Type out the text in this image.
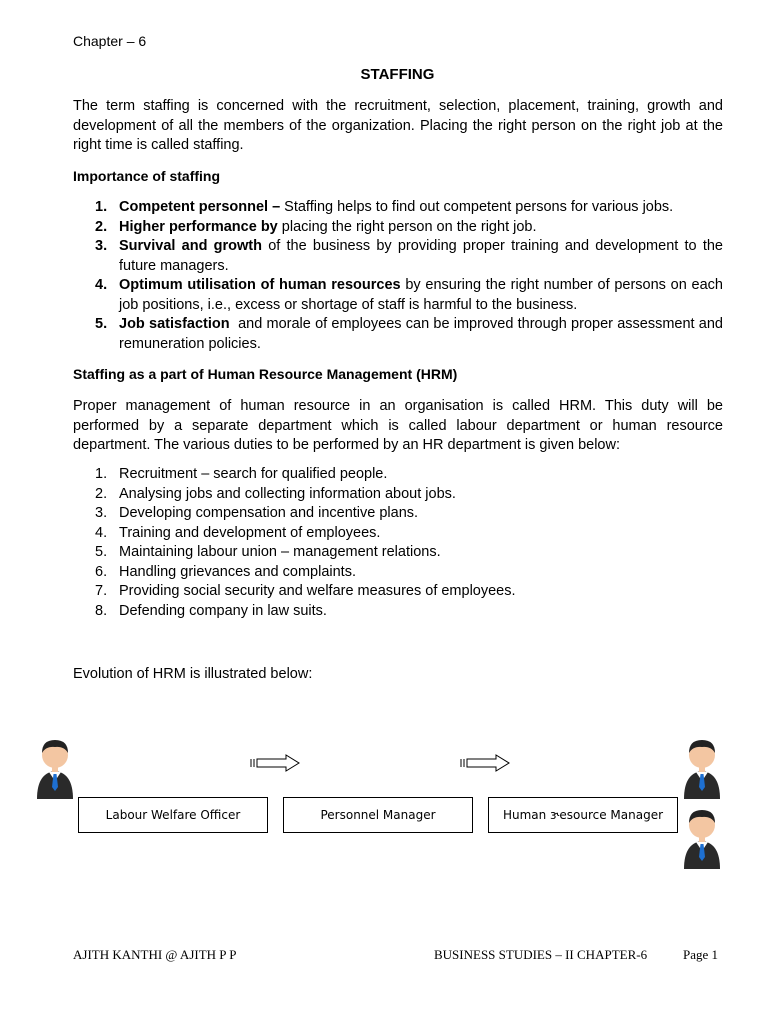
Chapter – 6
STAFFING
The term staffing is concerned with the recruitment, selection, placement, training, growth and development of all the members of the organization. Placing the right person on the right job at the right time is called staffing.
Importance of staffing
1. Competent personnel – Staffing helps to find out competent persons for various jobs.
2. Higher performance by placing the right person on the right job.
3. Survival and growth of the business by providing proper training and development to the future managers.
4. Optimum utilisation of human resources by ensuring the right number of persons on each job positions, i.e., excess or shortage of staff is harmful to the business.
5. Job satisfaction  and morale of employees can be improved through proper assessment and remuneration policies.
Staffing as a part of Human Resource Management (HRM)
Proper management of human resource in an organisation is called HRM. This duty will be performed by a separate department which is called labour department or human resource department. The various duties to be performed by an HR department is given below:
1. Recruitment – search for qualified people.
2. Analysing jobs and collecting information about jobs.
3. Developing compensation and incentive plans.
4. Training and development of employees.
5. Maintaining labour union – management relations.
6. Handling grievances and complaints.
7. Providing social security and welfare measures of employees.
8. Defending company in law suits.
Evolution of HRM is illustrated below:
Labour Welfare Officer	Personnel Manager	Human ɝesource Manager
AJITH KANTHI @ AJITH P P	BUSINESS STUDIES – II CHAPTER-6	Page 1
